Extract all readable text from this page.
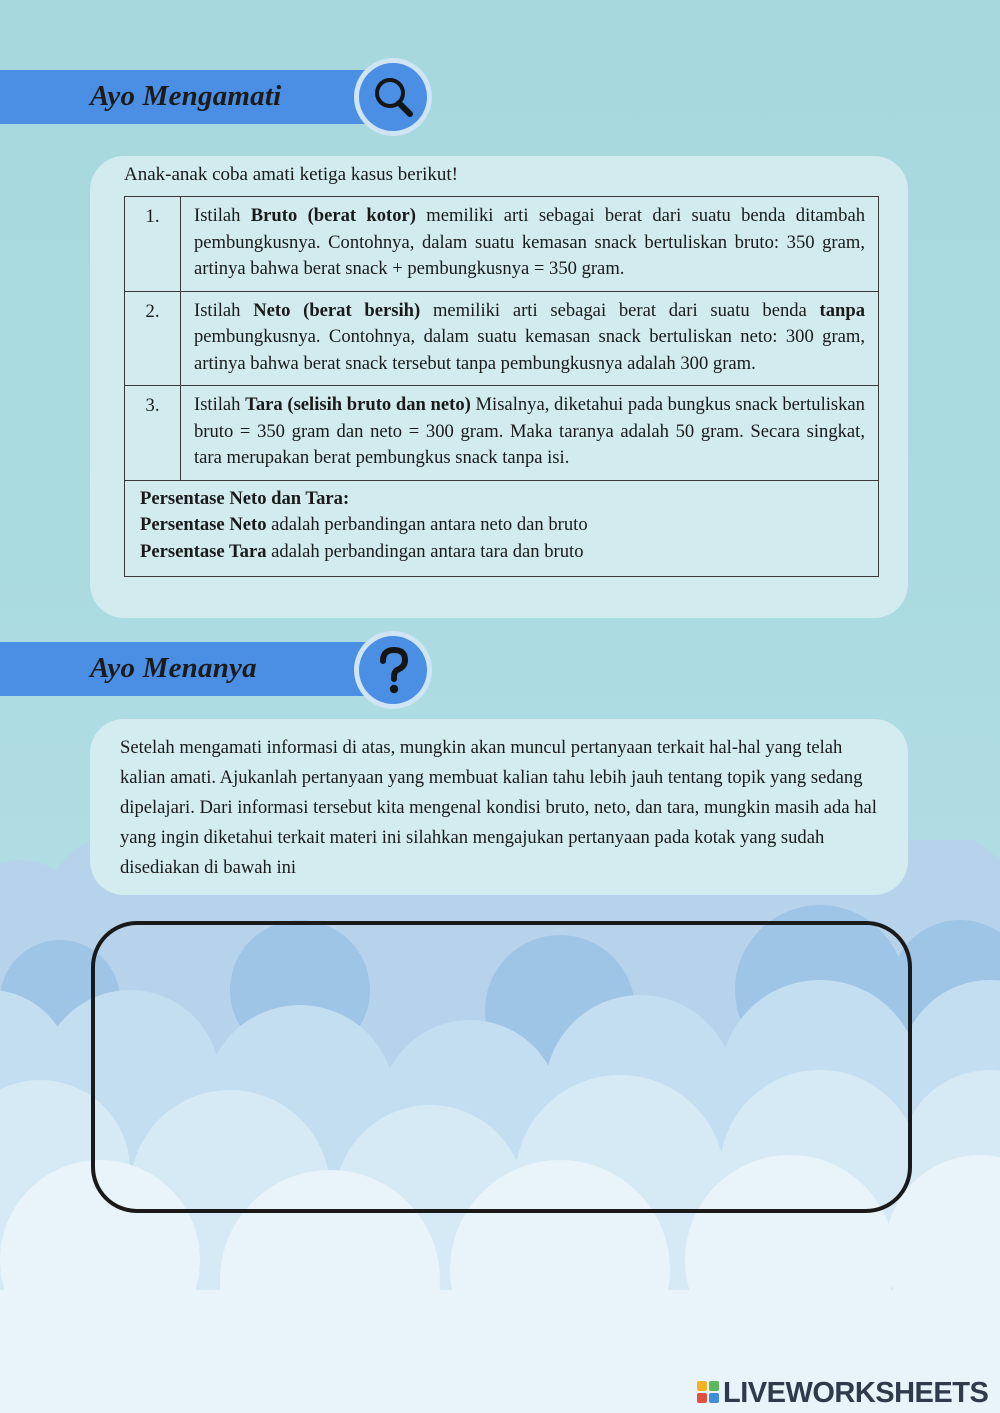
Ayo Mengamati
Anak-anak coba amati ketiga kasus berikut!
1.	Istilah Bruto (berat kotor) memiliki arti sebagai berat dari suatu benda ditambah pembungkusnya. Contohnya, dalam suatu kemasan snack bertuliskan bruto: 350 gram, artinya bahwa berat snack + pembungkusnya = 350 gram.
2.	Istilah Neto (berat bersih) memiliki arti sebagai berat dari suatu benda tanpa pembungkusnya. Contohnya, dalam suatu kemasan snack bertuliskan neto: 300 gram, artinya bahwa berat snack tersebut tanpa pembungkusnya adalah 300 gram.
3.	Istilah Tara (selisih bruto dan neto) Misalnya, diketahui pada bungkus snack bertuliskan bruto = 350 gram dan neto = 300 gram. Maka taranya adalah 50 gram. Secara singkat, tara merupakan berat pembungkus snack tanpa isi.
Persentase Neto dan Tara:
Persentase Neto adalah perbandingan antara neto dan bruto
Persentase Tara adalah perbandingan antara tara dan bruto	
Ayo Menanya
Setelah mengamati informasi di atas, mungkin akan muncul pertanyaan terkait hal-hal yang telah kalian amati. Ajukanlah pertanyaan yang membuat kalian tahu lebih jauh tentang topik yang sedang dipelajari. Dari informasi tersebut kita mengenal kondisi bruto, neto, dan tara, mungkin masih ada hal yang ingin diketahui terkait materi ini silahkan mengajukan pertanyaan pada kotak yang sudah disediakan di bawah ini
LIVEWORKSHEETS
